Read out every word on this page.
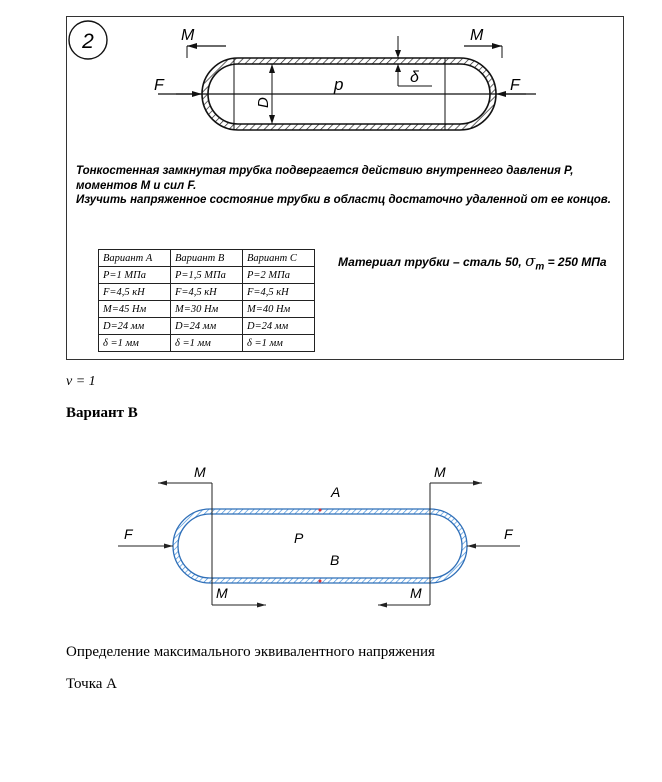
2	M	M
F	F
p
D
δ
Тонкостенная замкнутая трубка подвергается действию внутреннего давления P,
моментов M и сил F.
Изучить напряженное состояние трубки в областц достаточно удаленной от ее концов.
Вариант A	Вариант B	Вариант C
P=1 МПа	P=1,5 МПа	P=2 МПа
F=4,5 кН	F=4,5 кН	F=4,5 кН
M=45 Нм	M=30 Нм	M=40 Нм
D=24 мм	D=24 мм	D=24 мм
δ =1 мм	δ =1 мм	δ =1 мм
Материал трубки – сталь 50, $\sigma_т = 250$ МПа
ν = 1
Вариант В
M	M
M	M
F	F
A
B
P
Определение максимального эквивалентного напряжения
Точка А
